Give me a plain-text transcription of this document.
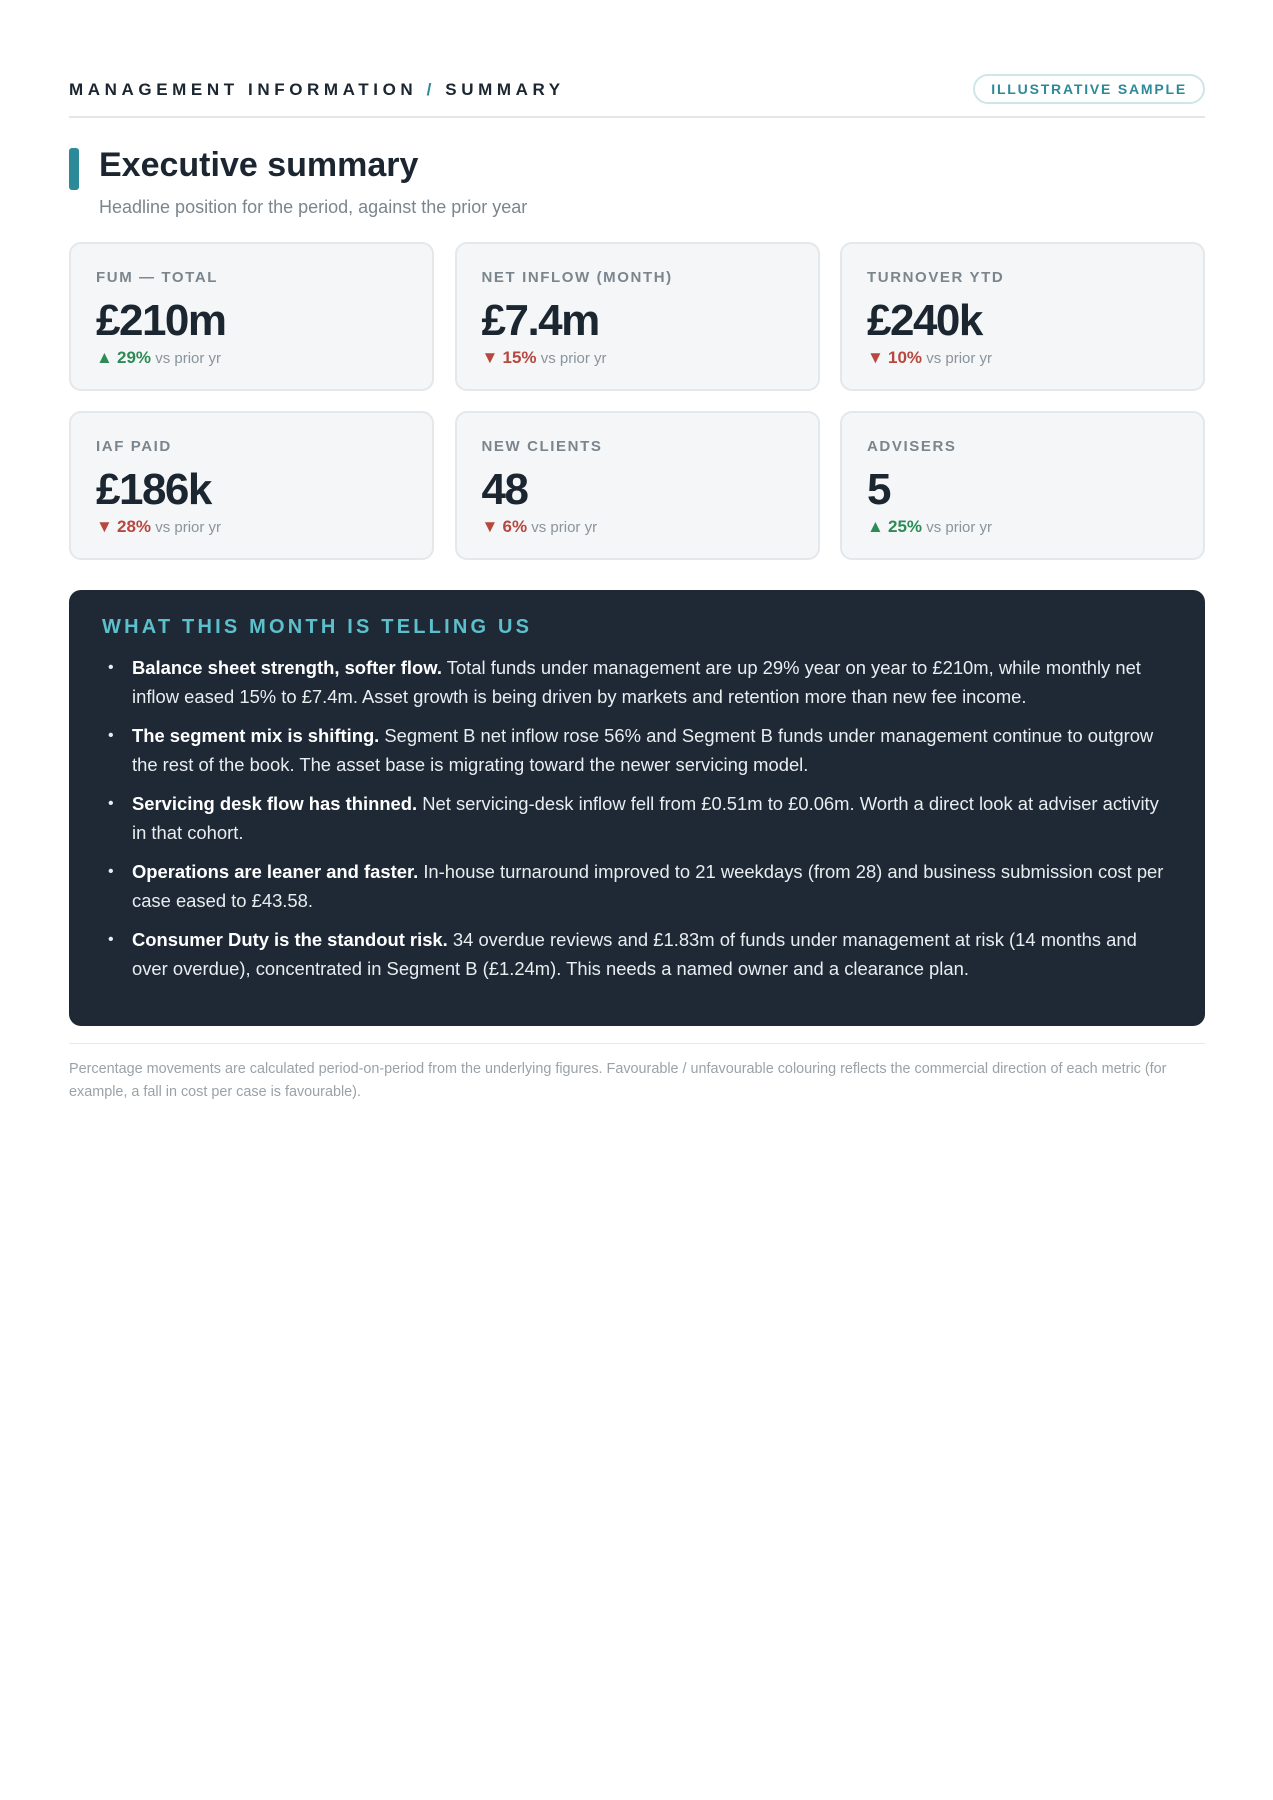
MANAGEMENT INFORMATION / SUMMARY	ILLUSTRATIVE SAMPLE
Executive summary
Headline position for the period, against the prior year
FUM — TOTAL
£210m
▲ 29% vs prior yr
NET INFLOW (MONTH)
£7.4m
▼ 15% vs prior yr
TURNOVER YTD
£240k
▼ 10% vs prior yr
IAF PAID
£186k
▼ 28% vs prior yr
NEW CLIENTS
48
▼ 6% vs prior yr
ADVISERS
5
▲ 25% vs prior yr
WHAT THIS MONTH IS TELLING US
• Balance sheet strength, softer flow. Total funds under management are up 29% year on year to £210m, while monthly net inflow eased 15% to £7.4m. Asset growth is being driven by markets and retention more than new fee income.
• The segment mix is shifting. Segment B net inflow rose 56% and Segment B funds under management continue to outgrow the rest of the book. The asset base is migrating toward the newer servicing model.
• Servicing desk flow has thinned. Net servicing-desk inflow fell from £0.51m to £0.06m. Worth a direct look at adviser activity in that cohort.
• Operations are leaner and faster. In-house turnaround improved to 21 weekdays (from 28) and business submission cost per case eased to £43.58.
• Consumer Duty is the standout risk. 34 overdue reviews and £1.83m of funds under management at risk (14 months and over overdue), concentrated in Segment B (£1.24m). This needs a named owner and a clearance plan.
Percentage movements are calculated period-on-period from the underlying figures. Favourable / unfavourable colouring reflects the commercial direction of each metric (for example, a fall in cost per case is favourable).
